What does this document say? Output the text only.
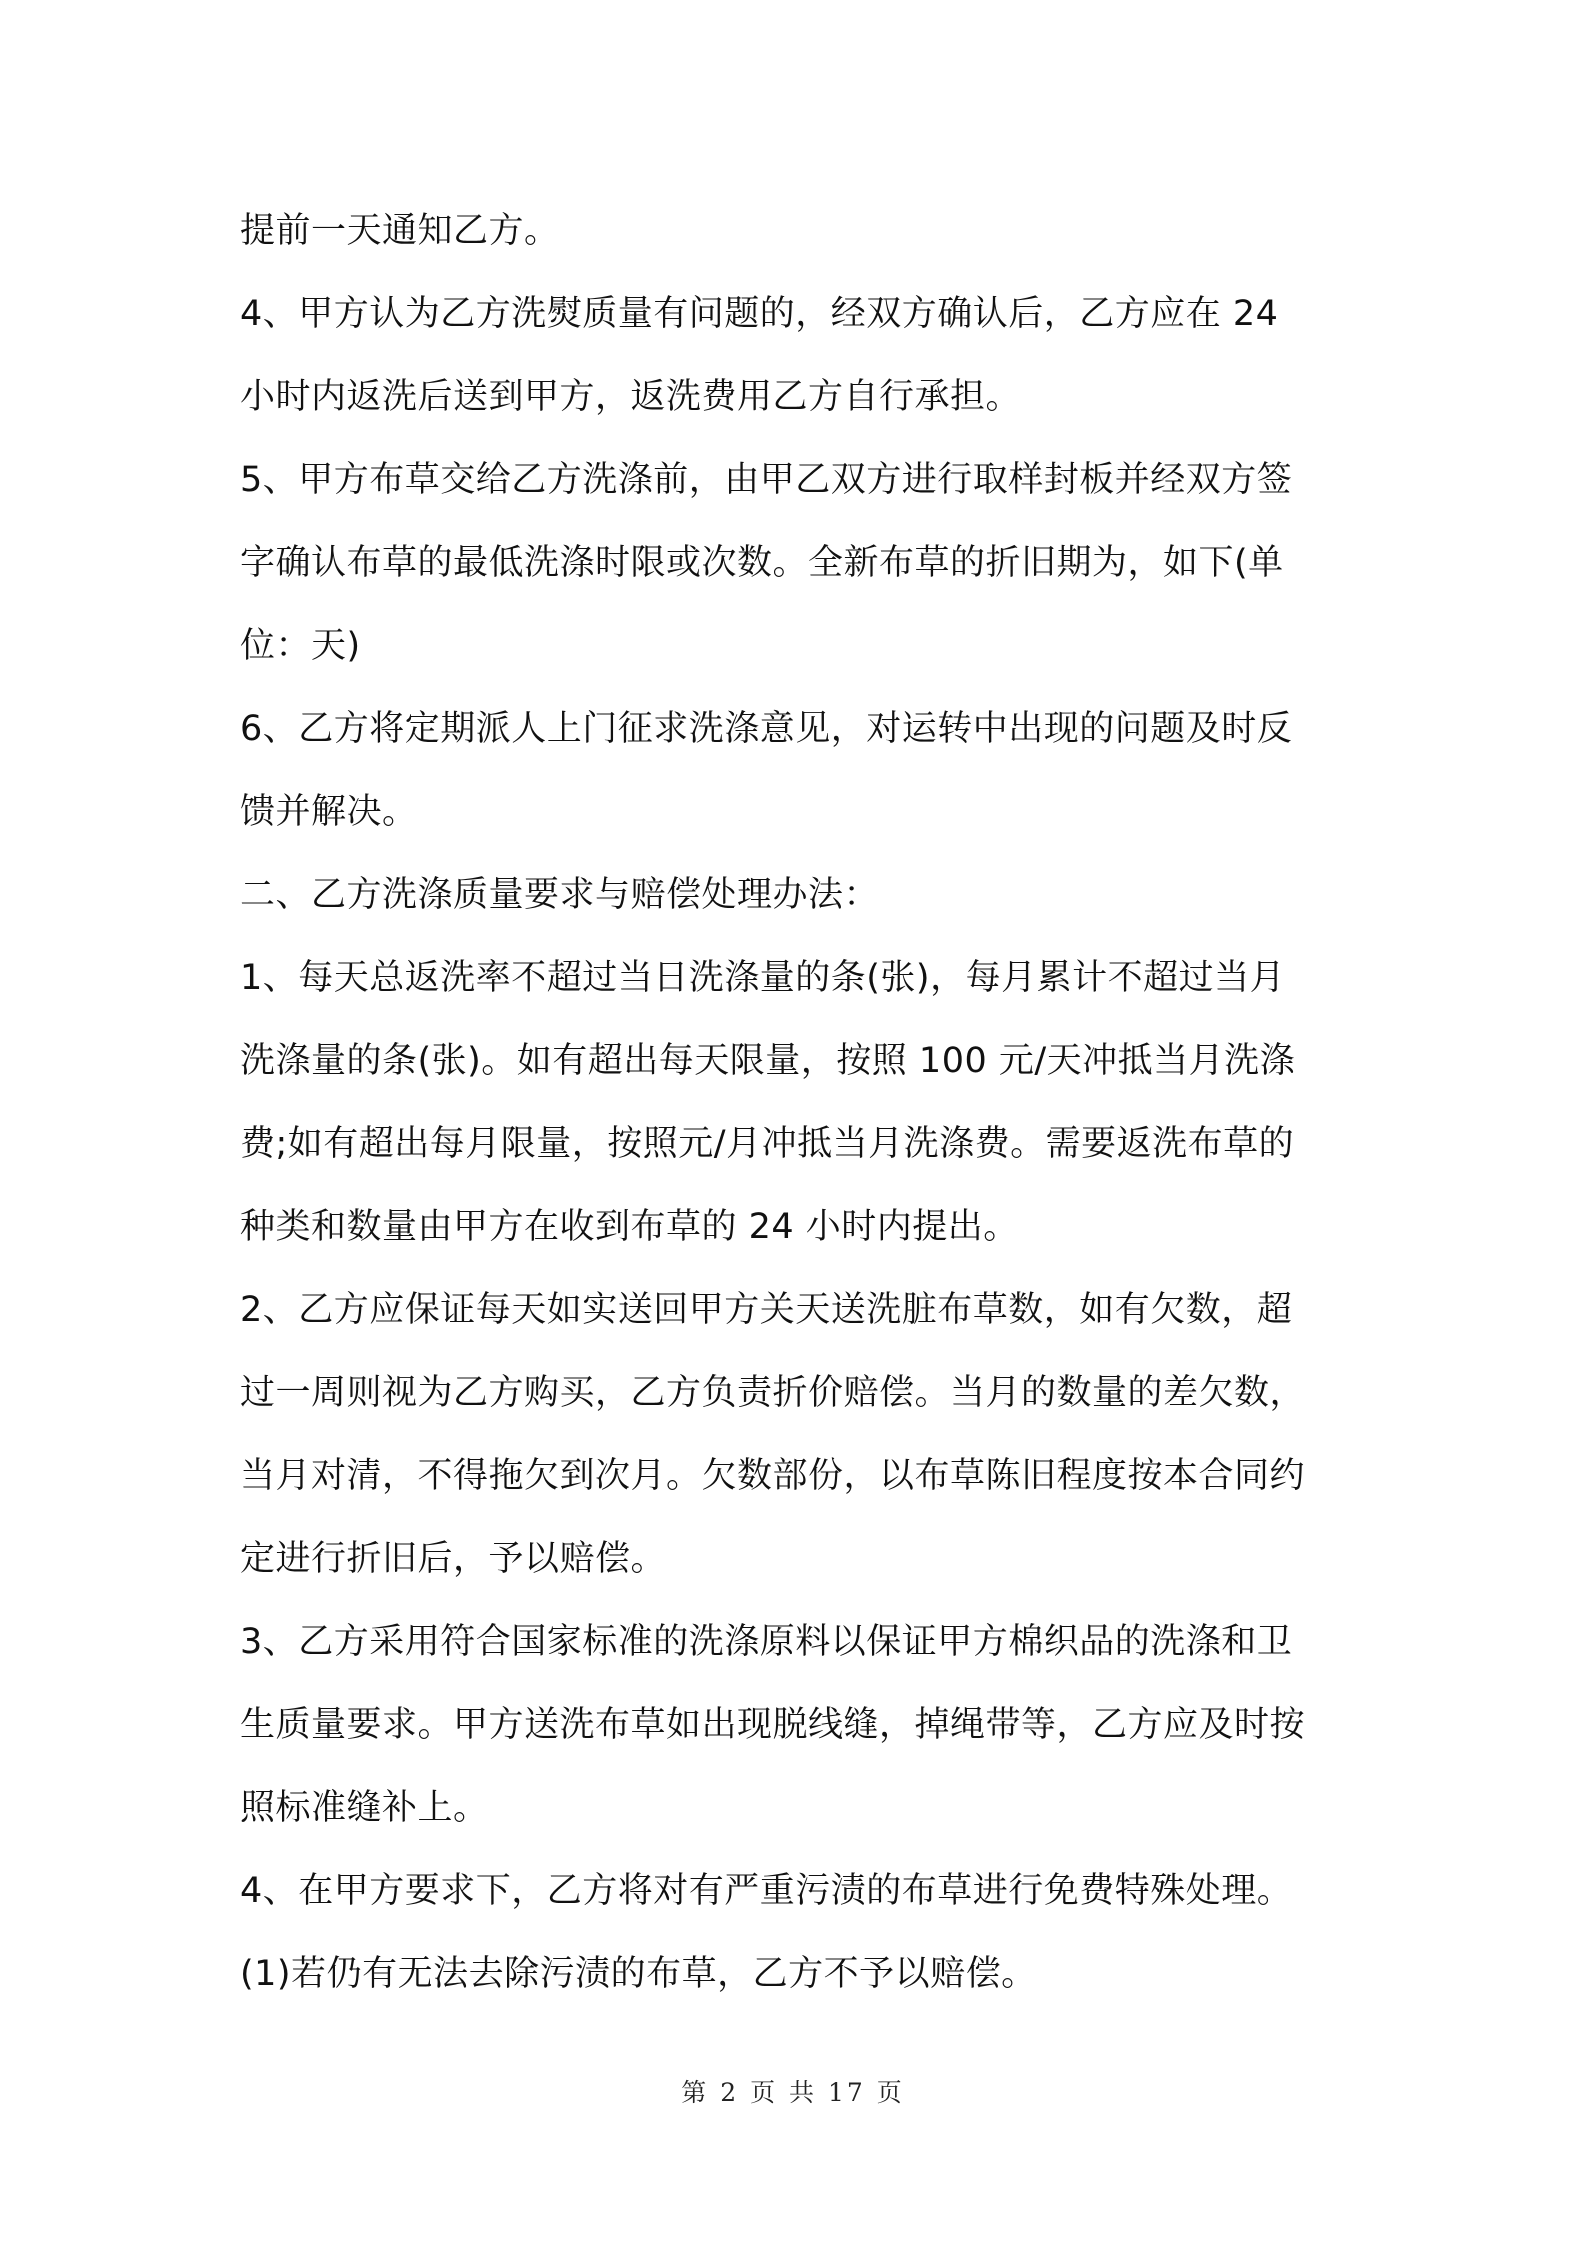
提前一天通知乙方。
4、甲方认为乙方洗熨质量有问题的，经双方确认后，乙方应在 24
小时内返洗后送到甲方，返洗费用乙方自行承担。
5、甲方布草交给乙方洗涤前，由甲乙双方进行取样封板并经双方签
字确认布草的最低洗涤时限或次数。全新布草的折旧期为，如下(单
位：天)
6、乙方将定期派人上门征求洗涤意见，对运转中出现的问题及时反
馈并解决。
二、乙方洗涤质量要求与赔偿处理办法：
1、每天总返洗率不超过当日洗涤量的条(张)，每月累计不超过当月
洗涤量的条(张)。如有超出每天限量，按照 100 元/天冲抵当月洗涤
费;如有超出每月限量，按照元/月冲抵当月洗涤费。需要返洗布草的
种类和数量由甲方在收到布草的 24 小时内提出。
2、乙方应保证每天如实送回甲方关天送洗脏布草数，如有欠数，超
过一周则视为乙方购买，乙方负责折价赔偿。当月的数量的差欠数，
当月对清，不得拖欠到次月。欠数部份，以布草陈旧程度按本合同约
定进行折旧后，予以赔偿。
3、乙方采用符合国家标准的洗涤原料以保证甲方棉织品的洗涤和卫
生质量要求。甲方送洗布草如出现脱线缝，掉绳带等，乙方应及时按
照标准缝补上。
4、在甲方要求下，乙方将对有严重污渍的布草进行免费特殊处理。
(1)若仍有无法去除污渍的布草，乙方不予以赔偿。
第 2 页 共 17 页
